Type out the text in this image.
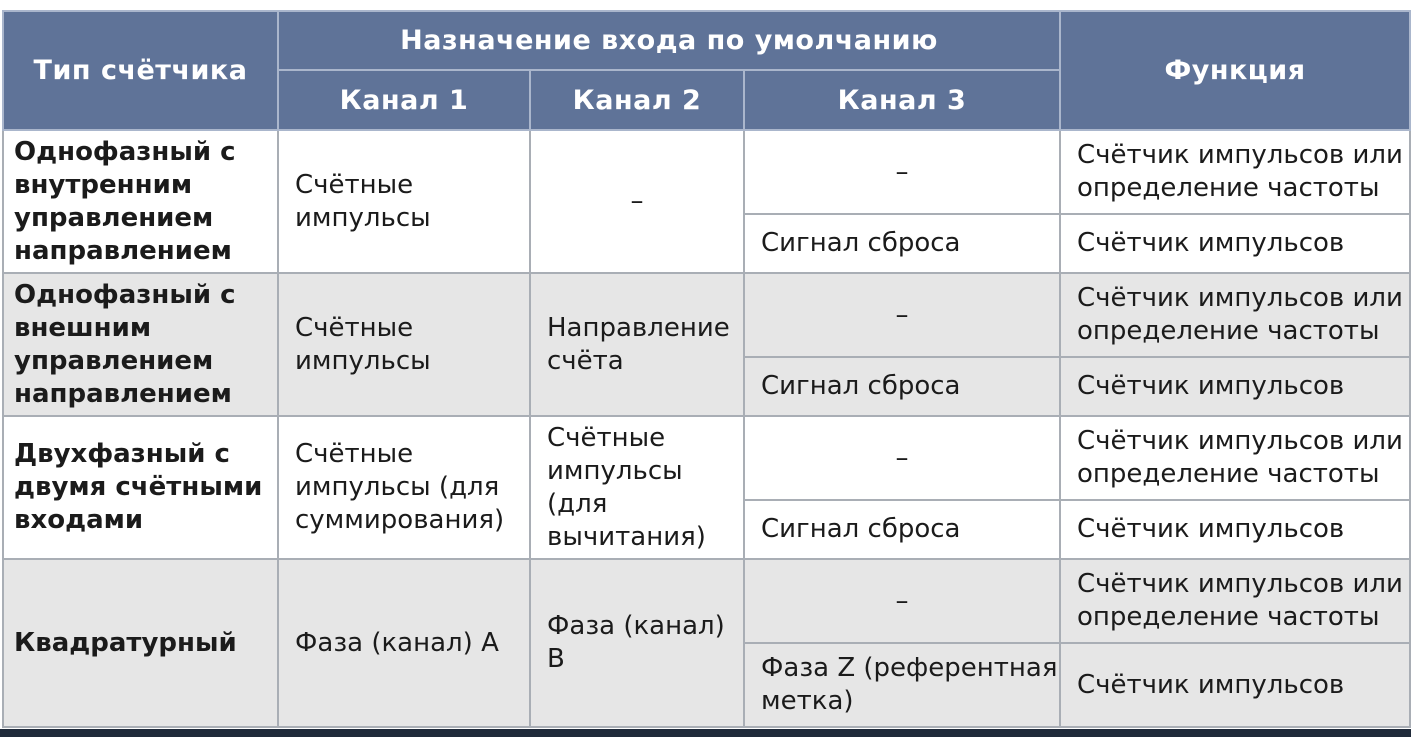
Тип счётчика	Назначение входа по умолчанию			Функция
	Канал 1	Канал 2	Канал 3	
Однофазный с внутренним управлением направлением	Счётные импульсы	–	–	Счётчик импульсов или определение частоты
			Сигнал сброса	Счётчик импульсов
Однофазный с внешним управлением направлением	Счётные импульсы	Направление счёта	–	Счётчик импульсов или определение частоты
			Сигнал сброса	Счётчик импульсов
Двухфазный с двумя счётными входами	Счётные импульсы (для суммирования)	Счётные импульсы (для вычитания)	–	Счётчик импульсов или определение частоты
			Сигнал сброса	Счётчик импульсов
Квадратурный	Фаза (канал) A	Фаза (канал) B	–	Счётчик импульсов или определение частоты
			Фаза Z (референтная метка)	Счётчик импульсов
